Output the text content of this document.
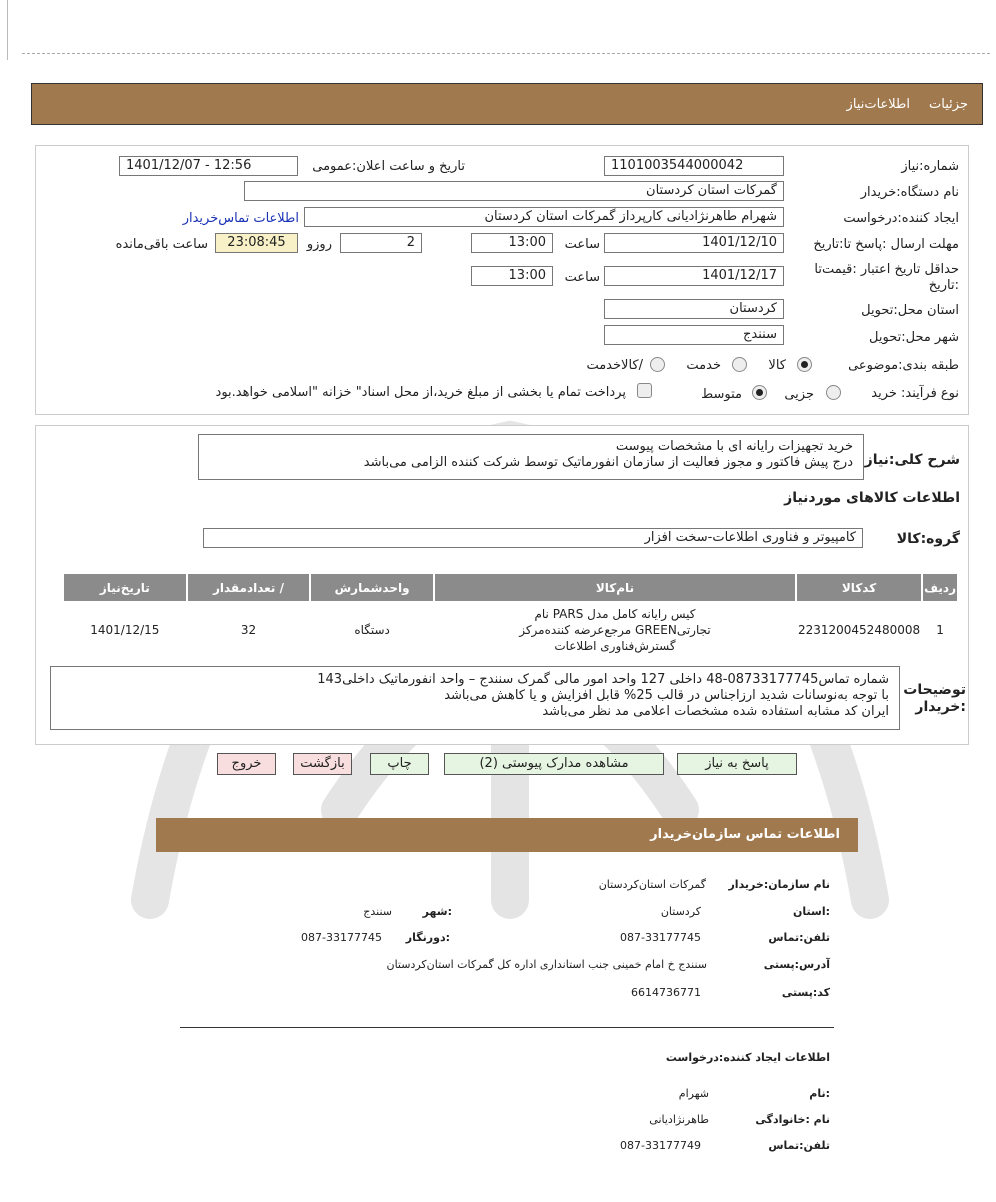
جزئیات
اطلاعات‌نیاز
شماره:نیاز
1101003544000042
تاریخ و ساعت اعلان:عمومی
1401/12/07 - 12:56
نام دستگاه:خریدار
گمرکات استان کردستان
ایجاد کننده:درخواست
شهرام طاهرنژادیانی کارپرداز گمرکات استان کردستان
اطلاعات تماس‌خریدار
مهلت ارسال :پاسخ تا:تاریخ
1401/12/10
ساعت
13:00
2
روزو
23:08:45
ساعت باقی‌مانده
حداقل تاریخ اعتبار :قیمت‌تا
:تاریخ
1401/12/17
ساعت
13:00
استان محل:تحویل
کردستان
شهر محل:تحویل
سنندج
طبقه بندی:موضوعی
کالا
خدمت
/کالاخدمت
نوع فرآیند: خرید
جزیی
متوسط
پرداخت تمام یا بخشی از مبلغ خرید،از محل اسناد" خزانه "اسلامی خواهد.بود
شرح کلی:نیاز
خرید تجهیزات رایانه ای با مشخصات پیوست
درج پیش فاکتور و مجوز فعالیت از سازمان انفورماتیک توسط شرکت کننده الزامی می‌باشد
اطلاعات کالاهای موردنیاز
گروه:کالا
کامپیوتر و فناوری اطلاعات-سخت افزار
ردیف	کدکالا	نام‌کالا	واحدشمارش	/ تعدادمقدار	تاریخ‌نیاز
1	2231200452480008	کیس رایانه کامل مدل PARS نام
تجارتیGREEN مرجع‌عرضه کننده‌مرکز
گسترش‌فناوری اطلاعات	دستگاه	32	1401/12/15
توضیحات
:خریدار
شماره تماس08733177745-48 داخلی 127 واحد امور مالی گمرک سنندج – واحد انفورماتیک داخلی143
با توجه به‌نوسانات شدید ارزاجناس در قالب 25% قابل افزایش و یا کاهش می‌باشد
ایران کد مشابه استفاده شده مشخصات اعلامی مد نظر می‌باشد
پاسخ به نیاز
مشاهده مدارک پیوستی (2)
چاپ
بازگشت
خروج
اطلاعات تماس سازمان‌خریدار
نام سازمان:خریدار
گمرکات استان‌کردستان
:استان
کردستان
:شهر
سنندج
تلفن:تماس
087-33177745
:دورنگار
087-33177745
آدرس:پستی
سنندج خ امام خمینی جنب استانداری اداره کل گمرکات استان‌کردستان
کد:پستی
6614736771
اطلاعات ایجاد کننده:درخواست
:نام
شهرام
نام :خانوادگی
طاهرنژادیانی
تلفن:تماس
087-33177749
